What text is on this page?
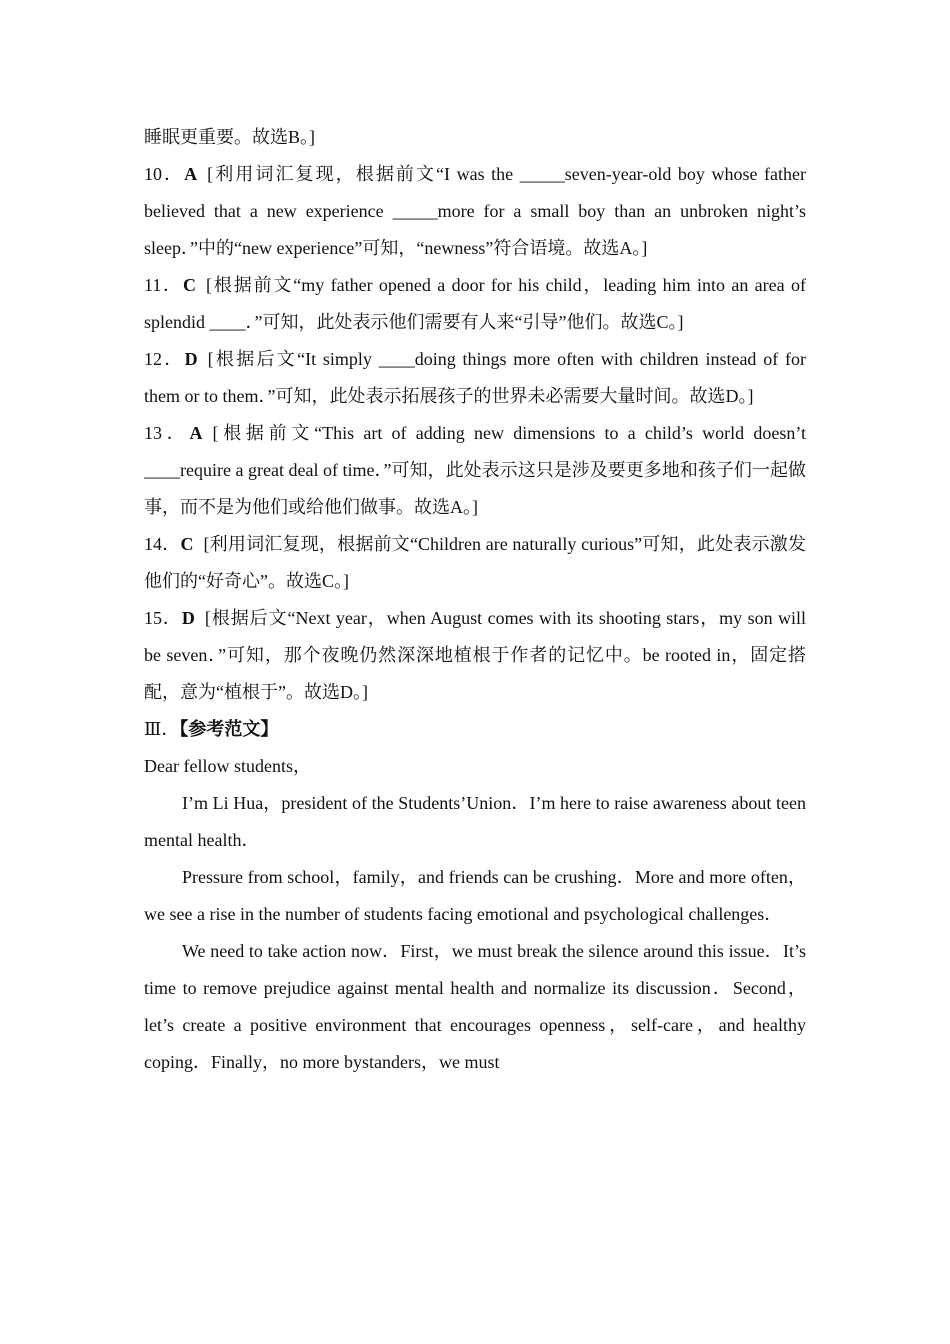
睡眠更重要。故选B。]

10．A [利用词汇复现，根据前文“I was the _____seven-year-old boy whose father believed that a new experience _____more for a small boy than an unbroken night’s sleep．”中的“new experience”可知，“newness”符合语境。故选A。]

11．C [根据前文“my father opened a door for his child，leading him into an area of splendid ____．”可知，此处表示他们需要有人来“引导”他们。故选C。]

12．D [根据后文“It simply ____doing things more often with children instead of for them or to them．”可知，此处表示拓展孩子的世界未必需要大量时间。故选D。]

13．A [根据前文“This art of adding new dimensions to a child’s world doesn’t ____require a great deal of time．”可知，此处表示这只是涉及要更多地和孩子们一起做事，而不是为他们或给他们做事。故选A。]

14．C [利用词汇复现，根据前文“Children are naturally curious”可知，此处表示激发他们的“好奇心”。故选C。]

15．D [根据后文“Next year，when August comes with its shooting stars，my son will be seven．”可知，那个夜晚仍然深深地植根于作者的记忆中。be rooted in，固定搭配，意为“植根于”。故选D。]

Ⅲ．【参考范文】

Dear fellow students，

I’m Li Hua，president of the Students’Union．I’m here to raise awareness about teen mental health．

Pressure from school，family，and friends can be crushing．More and more often，we see a rise in the number of students facing emotional and psychological challenges．

We need to take action now．First，we must break the silence around this issue．It’s time to remove prejudice against mental health and normalize its discussion．Second，let’s create a positive environment that encourages openness，self-care，and healthy coping．Finally，no more bystanders，we must
